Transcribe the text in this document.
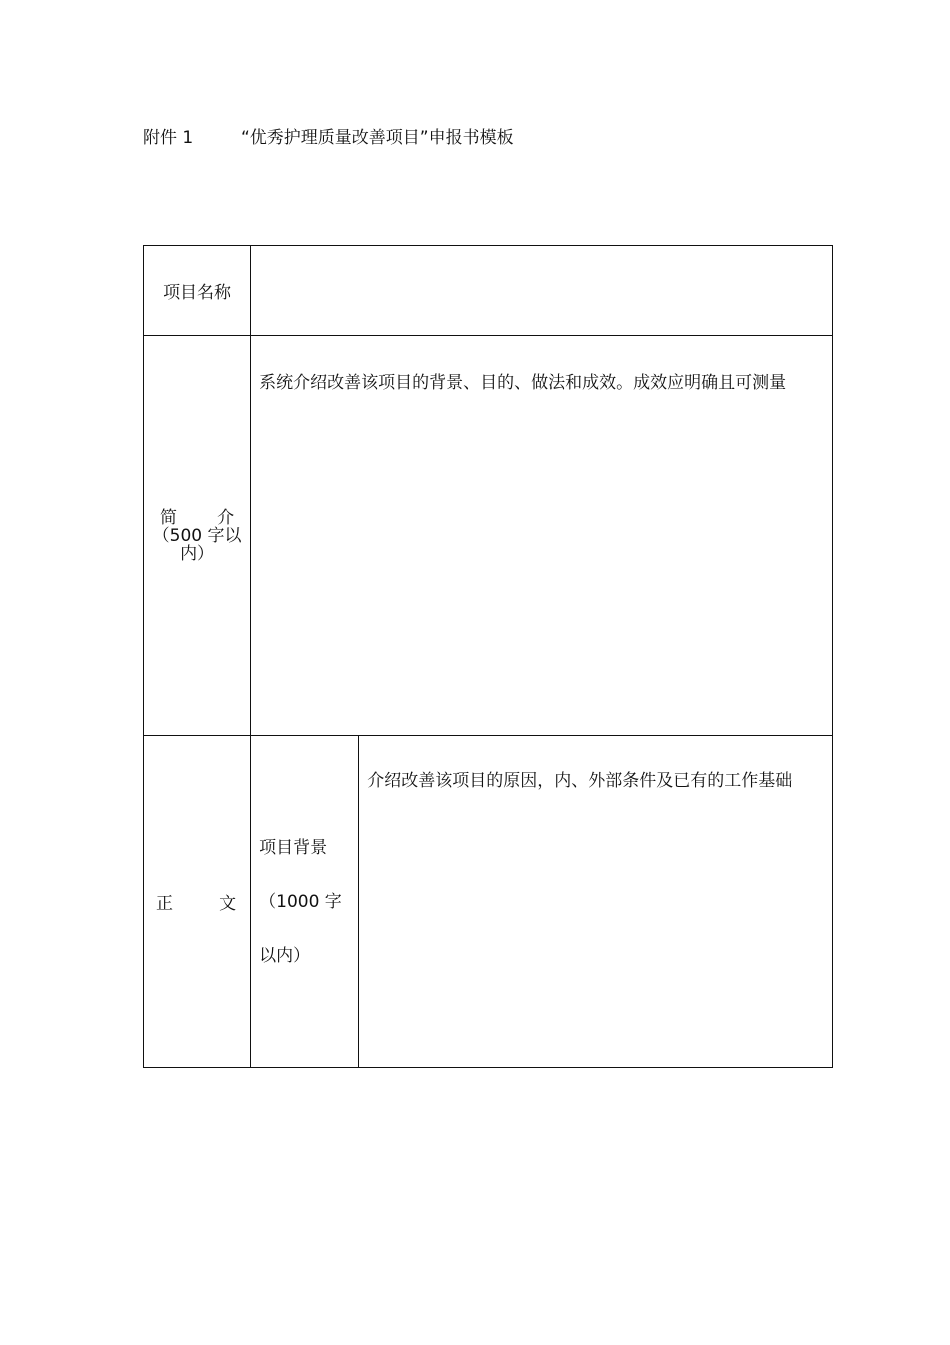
附件 1	“优秀护理质量改善项目”申报书模板
项目名称		

简 介
（500 字以内）	系统介绍改善该项目的背景、目的、做法和成效。成效应明确且可测量	

正 文	项目背景（1000 字以内）	介绍改善该项目的原因，内、外部条件及已有的工作基础
